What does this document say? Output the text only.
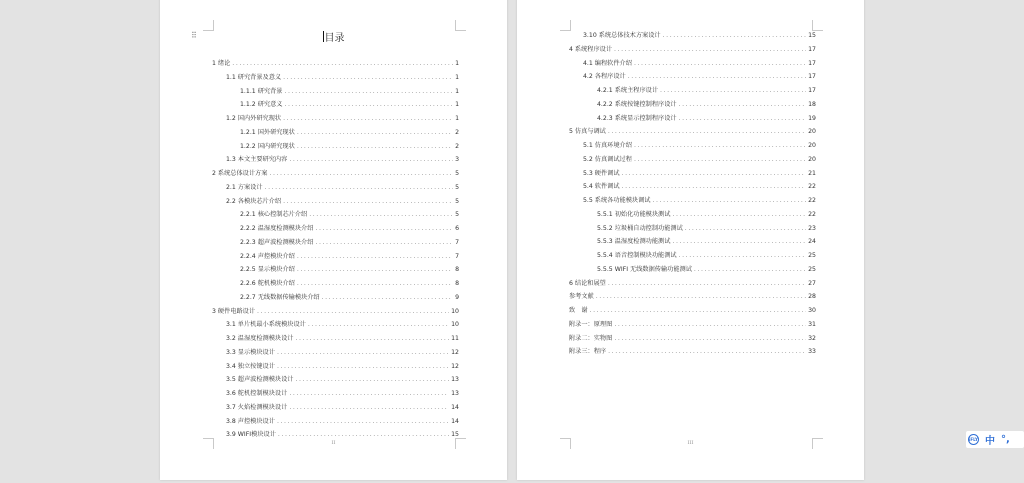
⠿	目录
1 绪论 . . .	1
1.1 研究背景及意义 . . .	1
1.1.1 研究背景 . . .	1
1.1.2 研究意义 . . .	1
1.2 国内外研究现状 . . .	1
1.2.1 国外研究现状 . . .	2
1.2.2 国内研究现状 . . .	2
1.3 本文主要研究内容 . . .	3
2 系统总体设计方案 . . .	5
2.1 方案设计 . . .	5
2.2 各模块芯片介绍 . . .	5
2.2.1 核心控制芯片介绍 . . .	5
2.2.2 温湿度检测模块介绍 . . .	6
2.2.3 超声波检测模块介绍 . . .	7
2.2.4 声控模块介绍 . . .	7
2.2.5 显示模块介绍 . . .	8
2.2.6 舵机模块介绍 . . .	8
2.2.7 无线数据传输模块介绍 . . .	9
3 硬件电路设计 . . .	10
3.1 单片机最小系统模块设计 . . .	10
3.2 温湿度检测模块设计 . . .	11
3.3 显示模块设计 . . .	12
3.4 独立按键设计 . . .	12
3.5 超声波检测模块设计 . . .	13
3.6 舵机控制模块设计 . . .	13
3.7 火焰检测模块设计 . . .	14
3.8 声控模块设计 . . .	14
3.9 WIFI模块设计 . . .	15
II
3.10 系统总体技术方案设计 . . .	15
4 系统程序设计 . . .	17
4.1 编程软件介绍 . . .	17
4.2 各程序设计 . . .	17
4.2.1 系统主程序设计 . . .	17
4.2.2 系统按键控制程序设计 . . .	18
4.2.3 系统显示控制程序设计 . . .	19
5 仿真与调试 . . .	20
5.1 仿真环境介绍 . . .	20
5.2 仿真调试过程 . . .	20
5.3 硬件调试 . . .	21
5.4 软件调试 . . .	22
5.5 系统各功能模块调试 . . .	22
5.5.1 初始化功能模块测试 . . .	22
5.5.2 垃圾桶自动控制功能测试 . . .	23
5.5.3 温湿度检测功能测试 . . .	24
5.5.4 语音控制模块功能测试 . . .	25
5.5.5 WIFI 无线数据传输功能测试 . . .	25
6 结论和展望 . . .	27
参考文献 . . .	28
致　谢 . . .	30
附录一：原理图 . . .	31
附录二：实物图 . . .	32
附录三：程序 . . .	33
III
iFLY 中 °,
